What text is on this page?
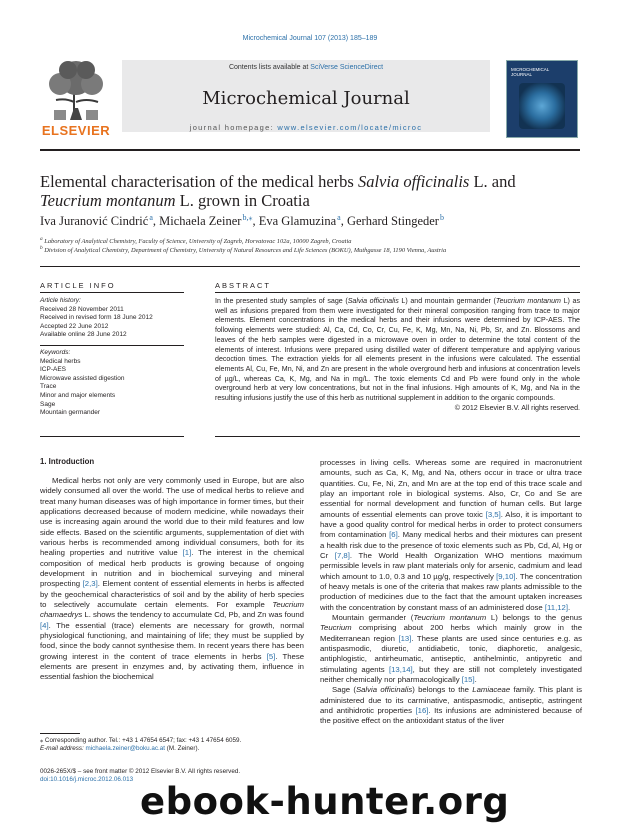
Microchemical Journal 107 (2013) 185–189
ELSEVIER
Contents lists available at SciVerse ScienceDirect
Microchemical Journal
journal homepage: www.elsevier.com/locate/microc
MICROCHEMICAL JOURNAL
Elemental characterisation of the medical herbs Salvia officinalis L. and
Teucrium montanum L. grown in Croatia
Iva Juranović Cindrić $^a$, Michaela Zeiner $^{b,⁎}$, Eva Glamuzina $^a$, Gerhard Stingeder $^b$
$^a$ Laboratory of Analytical Chemistry, Faculty of Science, University of Zagreb, Horvatovac 102a, 10000 Zagreb, Croatia
$^b$ Division of Analytical Chemistry, Department of Chemistry, University of Natural Resources and Life Sciences (BOKU), Muthgasse 18, 1190 Vienna, Austria
ARTICLE INFO	ABSTRACT
Article history:
Received 28 November 2011
Received in revised form 18 June 2012
Accepted 22 June 2012
Available online 28 June 2012
Keywords:
Medical herbs
ICP-AES
Microwave assisted digestion
Trace
Minor and major elements
Sage
Mountain germander
In the presented study samples of sage (Salvia officinalis L) and mountain germander (Teucrium montanum L) as well as infusions prepared from them were investigated for their mineral composition ranging from trace to major elements. Element concentrations in the medical herbs and their infusions were determined by ICP-AES. The following elements were studied: Al, Ca, Cd, Co, Cr, Cu, Fe, K, Mg, Mn, Na, Ni, Pb, Sr, and Zn. Blossoms and leaves of the herb samples were digested in a microwave oven in order to determine the total content of the elements of interest. Infusions were prepared using distilled water of different temperature and applying various decoction times. The extraction yields for all elements present in the infusions were calculated. The essential elements Al, Cu, Fe, Mn, Ni, and Zn are present in the whole overground herb and infusions at concentration levels of µg/L, whereas Ca, K, Mg, and Na in mg/L. The toxic elements Cd and Pb were found only in the whole overground herb at very low concentrations, but not in the final infusions. High amounts of K, Mg, and Na in the resulting infusions justify the use of this herb as nutritional supplement in addition to the organic compounds.
© 2012 Elsevier B.V. All rights reserved.
1. Introduction

Medical herbs not only are very commonly used in Europe, but are also widely consumed all over the world. The use of medical herbs to relieve and treat many human diseases was of high importance in former times, but their applications decreased because of modern medicine, while nowadays their use is increasing again around the world due to their mild features and low side effects. Based on the scientific arguments, supplementation of diet with various herbs is recommended among individual consumers, both for its healing properties and nutritive value [1]. The interest in the chemical composition of medical herb products is growing because of ongoing development in nutrition and in biochemical surveying and mineral prospecting [2,3]. Element content of essential elements in herbs is affected by the geochemical characteristics of soil and by the ability of herb species to selectively accumulate certain elements. For example Teucrium chamaedrys L. shows the tendency to accumulate Cd, Pb, and Zn was found [4]. The essential (trace) elements are necessary for growth, normal physiological functioning, and maintaining of life; they must be supplied by food, since the body cannot synthesise them. In recent years there has been growing interest in the content of trace elements in herbs [5]. These elements are present in enzymes and, by activating them, influence in essential fashion the biochemical

processes in living cells. Whereas some are required in macronutrient amounts, such as Ca, K, Mg, and Na, others occur in trace or ultra trace quantities. Cu, Fe, Ni, Zn, and Mn are at the top end of this trace scale and play an important role in biological systems. Also, Cr, Co and Se are essential for normal development and function of human cells. But large amounts of essential elements can prove toxic [3,5]. Also, it is important to have a good quality control for medical herbs in order to protect consumers from contamination [6]. Many medical herbs and their mixtures can present a health risk due to the presence of toxic elements such as Pb, Cd, Al, Hg or Cr [7,8]. The World Health Organization WHO mentions maximum permissible levels in raw plant materials only for arsenic, cadmium and lead which amount to 1.0, 0.3 and 10 µg/g, respectively [9,10]. The concentration of heavy metals is one of the criteria that makes raw plants admissible to the production of medicines due to the fact that the amount uptaken increases with the concentration by constant mass of an administered dose [11,12].

Mountain germander (Teucrium montanum L) belongs to the genus Teucrium comprising about 200 herbs which mainly grow in the Mediterranean region [13]. These plants are used since centuries e.g. as antispasmodic, diuretic, antidiabetic, tonic, diaphoretic, analgesic, antiphlogistic, antirheumatic, antiseptic, antihelmintic, antipyretic and stimulating agents [13,14], but they are still not completely investigated neither chemically nor pharmacologically [15].

Sage (Salvia officinalis) belongs to the Lamiaceae family. This plant is administered due to its carminative, antispasmodic, antiseptic, astringent and antihidrotic properties [16]. Its infusions are administered because of the positive effect on the antioxidant status of the liver

⁎ Corresponding author. Tel.: +43 1 47654 6547; fax: +43 1 47654 6059.
E-mail address: michaela.zeiner@boku.ac.at (M. Zeiner).
0026-265X/$ – see front matter © 2012 Elsevier B.V. All rights reserved.
doi:10.1016/j.microc.2012.06.013
ebook-hunter.org
